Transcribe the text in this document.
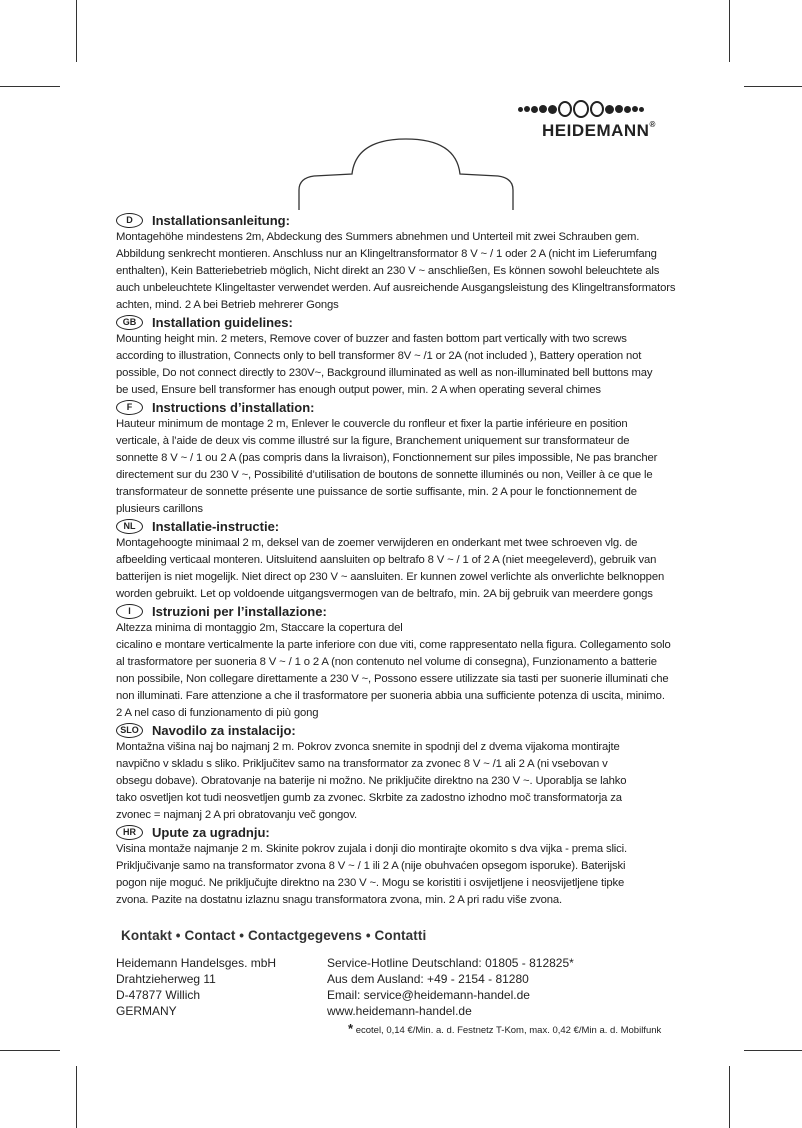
HEIDEMANN®
D	Installationsanleitung:

Montagehöhe mindestens 2m, Abdeckung des Summers abnehmen und Unterteil mit zwei Schrauben gem.
Abbildung senkrecht montieren. Anschluss nur an Klingeltransformator 8 V ~ / 1 oder 2 A (nicht im Lieferumfang
enthalten), Kein Batteriebetrieb möglich, Nicht direkt an 230 V ~ anschließen, Es können sowohl beleuchtete als
auch unbeleuchtete Klingeltaster verwendet werden. Auf ausreichende Ausgangsleistung des Klingeltransformators
achten, mind. 2 A bei Betrieb mehrerer Gongs

GB	Installation guidelines:

Mounting height min. 2 meters, Remove cover of buzzer and fasten bottom part vertically with two screws
according to illustration, Connects only to bell transformer 8V ~ /1 or 2A (not included ), Battery operation not
possible, Do not connect directly to 230V~, Background illuminated as well as non-illuminated bell buttons may
be used, Ensure bell transformer has enough output power, min. 2 A when operating several chimes

F	Instructions d’installation:

Hauteur minimum de montage 2 m, Enlever le couvercle du ronfleur et fixer la partie inférieure en position
verticale, à l’aide de deux vis comme illustré sur la figure, Branchement uniquement sur transformateur de
sonnette 8 V ~ / 1 ou 2 A (pas compris dans la livraison), Fonctionnement sur piles impossible, Ne pas brancher
directement sur du 230 V ~, Possibilité d’utilisation de boutons de sonnette illuminés ou non, Veiller à ce que le
transformateur de sonnette présente une puissance de sortie suffisante, min. 2 A pour le fonctionnement de
plusieurs carillons

NL	Installatie-instructie:

Montagehoogte minimaal 2 m, deksel van de zoemer verwijderen en onderkant met twee schroeven vlg. de
afbeelding verticaal monteren. Uitsluitend aansluiten op beltrafo 8 V ~ / 1 of 2 A (niet meegeleverd), gebruik van
batterijen is niet mogelijk. Niet direct op 230 V ~ aansluiten. Er kunnen zowel verlichte als onverlichte belknoppen
worden gebruikt. Let op voldoende uitgangsvermogen van de beltrafo, min. 2A bij gebruik van meerdere gongs

I	Istruzioni per l’installazione:

Altezza minima di montaggio 2m, Staccare la copertura del
cicalino e montare verticalmente la parte inferiore con due viti, come rappresentato nella figura. Collegamento solo
al trasformatore per suoneria 8 V ~ / 1 o 2 A (non contenuto nel volume di consegna), Funzionamento a batterie
non possibile, Non collegare direttamente a 230 V ~, Possono essere utilizzate sia tasti per suonerie illuminati che
non illuminati. Fare attenzione a che il trasformatore per suoneria abbia una sufficiente potenza di uscita, minimo.
2 A nel caso di funzionamento di più gong

SLO	Navodilo za instalacijo:

Montažna višina naj bo najmanj 2 m. Pokrov zvonca snemite in spodnji del z dvema vijakoma montirajte
navpično v skladu s sliko. Priključitev samo na transformator za zvonec 8 V ~ /1 ali 2 A (ni vsebovan v
obsegu dobave). Obratovanje na baterije ni možno. Ne priključite direktno na 230 V ~. Uporablja se lahko
tako osvetljen kot tudi neosvetljen gumb za zvonec. Skrbite za zadostno izhodno moč transformatorja za
zvonec = najmanj 2 A pri obratovanju več gongov.

HR	Upute za ugradnju:

Visina montaže najmanje 2 m. Skinite pokrov zujala i donji dio montirajte okomito s dva vijka - prema slici.
Priključivanje samo na transformator zvona 8 V ~ / 1 ili 2 A (nije obuhvaćen opsegom isporuke). Baterijski
pogon nije moguć. Ne priključujte direktno na 230 V ~. Mogu se koristiti i osvijetljene i neosvijetljene tipke
zvona. Pazite na dostatnu izlaznu snagu transformatora zvona, min. 2 A pri radu više zvona.

Kontakt • Contact • Contactgegevens • Contatti
Heidemann Handelsges. mbH
Drahtzieherweg 11
D-47877 Willich
GERMANY
Service-Hotline Deutschland: 01805 - 812825*
Aus dem Ausland: +49 - 2154 - 81280
Email: service@heidemann-handel.de
www.heidemann-handel.de
* ecotel, 0,14 €/Min. a. d. Festnetz T-Kom, max. 0,42 €/Min a. d. Mobilfunk
